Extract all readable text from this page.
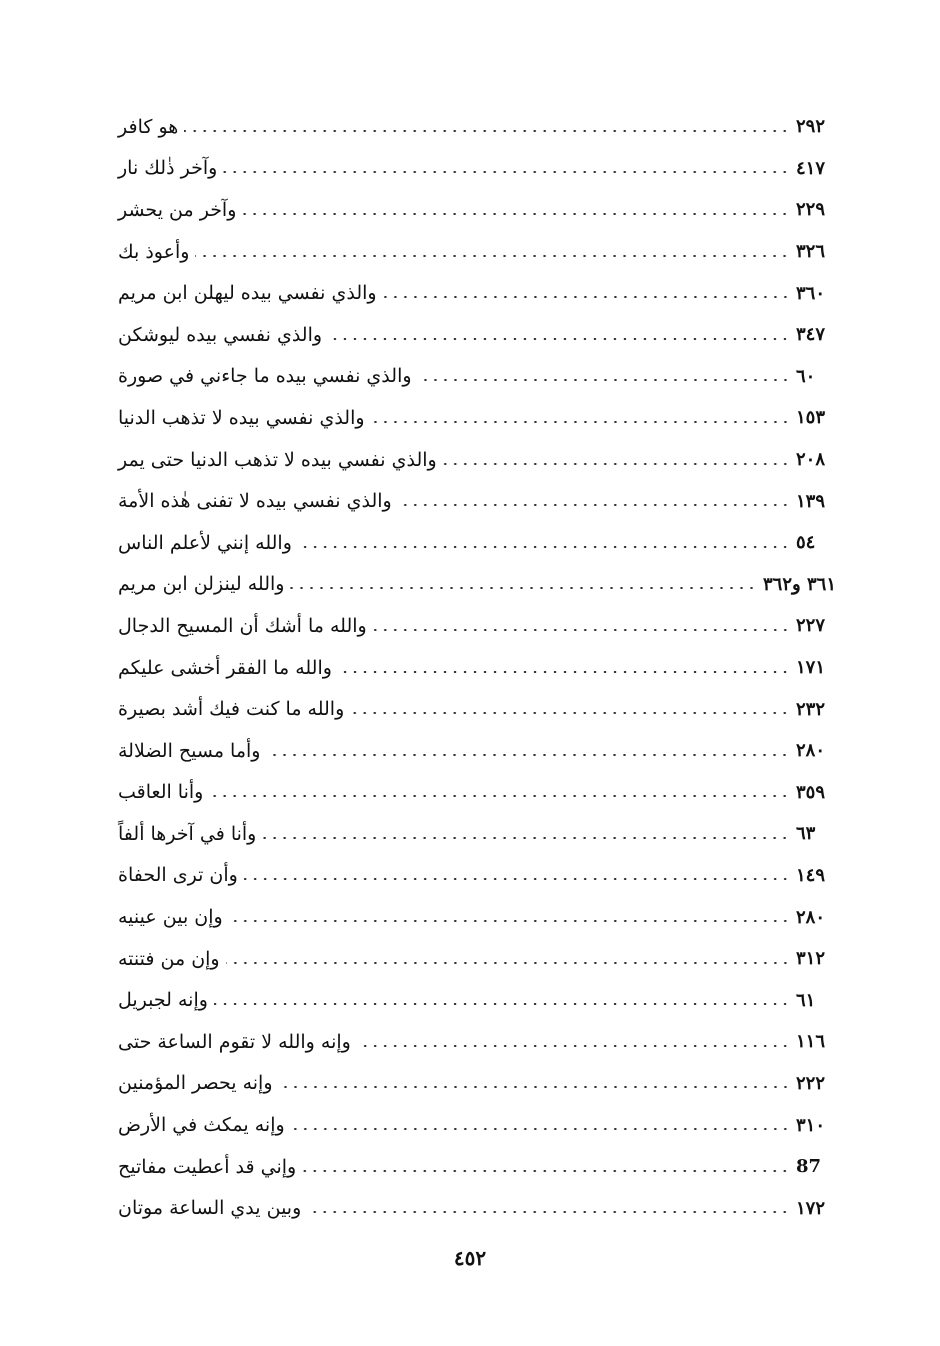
هو كافر	٢٩٢
وآخر ذٰلك نار	٤١٧
وآخر من يحشر	٢٢٩
وأعوذ بك	٣٢٦
والذي نفسي بيده ليهلن ابن مريم	٣٦٠
والذي نفسي بيده ليوشكن	٣٤٧
والذي نفسي بيده ما جاءني في صورة	٦٠
والذي نفسي بيده لا تذهب الدنيا	١٥٣
والذي نفسي بيده لا تذهب الدنيا حتى يمر	٢٠٨
والذي نفسي بيده لا تفنى هٰذه الأمة	١٣٩
والله إنني لأعلم الناس	٥٤
والله لينزلن ابن مريم	٣٦١ و٣٦٢
والله ما أشك أن المسيح الدجال	٢٢٧
والله ما الفقر أخشى عليكم	١٧١
والله ما كنت فيك أشد بصيرة	٢٣٢
وأما مسيح الضلالة	٢٨٠
وأنا العاقب	٣٥٩
وأنا في آخرها ألفاً	٦٣
وأن ترى الحفاة	١٤٩
وإن بين عينيه	٢٨٠
وإن من فتنته	٣١٢
وإنه لجبريل	٦١
وإنه والله لا تقوم الساعة حتى	١١٦
وإنه يحصر المؤمنين	٢٢٢
وإنه يمكث في الأرض	٣١٠
وإني قد أعطيت مفاتيح	87
وبين يدي الساعة موتان	١٧٢
٤٥٢
